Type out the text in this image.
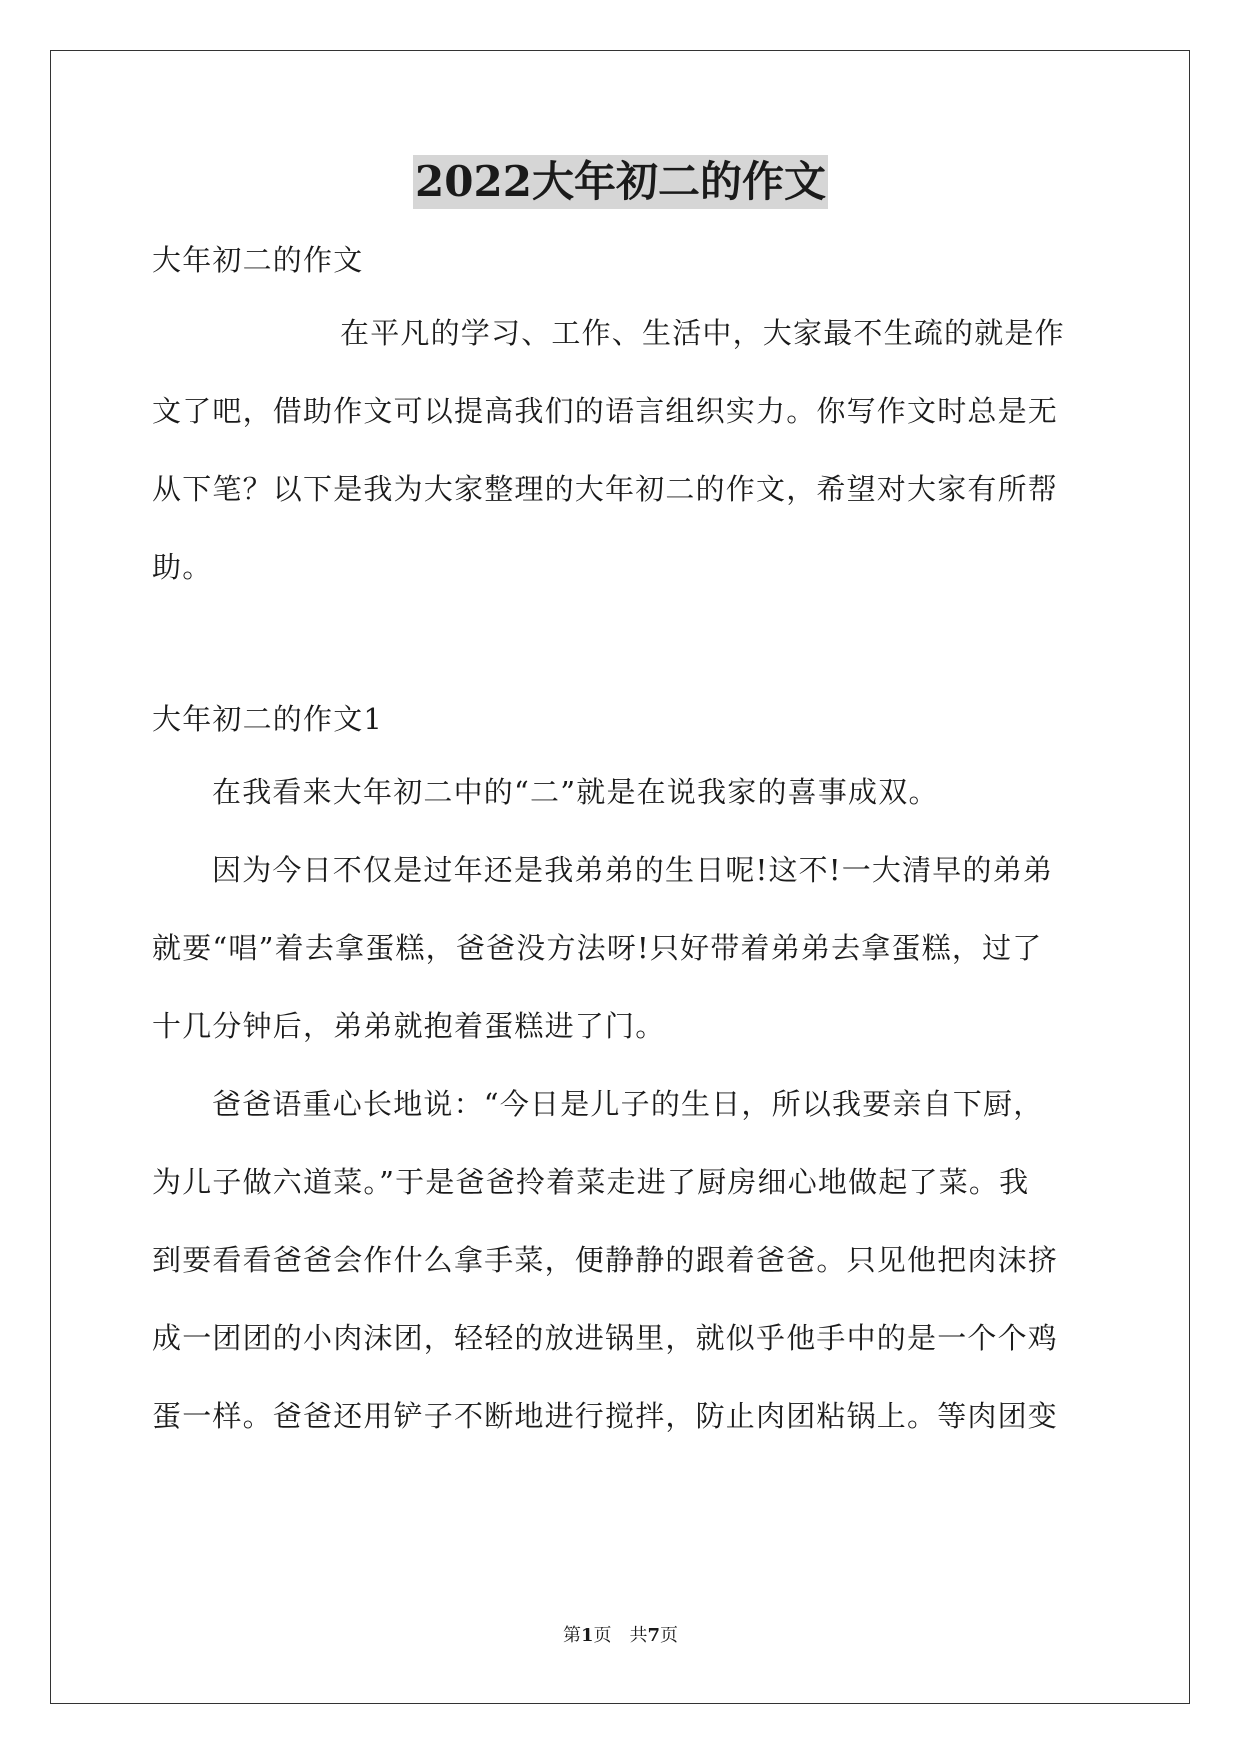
2022大年初二的作文
大年初二的作文
在平凡的学习、工作、生活中，大家最不生疏的就是作
文了吧，借助作文可以提高我们的语言组织实力。你写作文时总是无
从下笔？以下是我为大家整理的大年初二的作文，希望对大家有所帮
助。
大年初二的作文1
在我看来大年初二中的“二”就是在说我家的喜事成双。
因为今日不仅是过年还是我弟弟的生日呢!这不!一大清早的弟弟
就要“唱”着去拿蛋糕，爸爸没方法呀!只好带着弟弟去拿蛋糕，过了
十几分钟后，弟弟就抱着蛋糕进了门。
爸爸语重心长地说：“今日是儿子的生日，所以我要亲自下厨，
为儿子做六道菜。”于是爸爸拎着菜走进了厨房细心地做起了菜。我
到要看看爸爸会作什么拿手菜，便静静的跟着爸爸。只见他把肉沫挤
成一团团的小肉沫团，轻轻的放进锅里，就似乎他手中的是一个个鸡
蛋一样。爸爸还用铲子不断地进行搅拌，防止肉团粘锅上。等肉团变
第1页　共7页
